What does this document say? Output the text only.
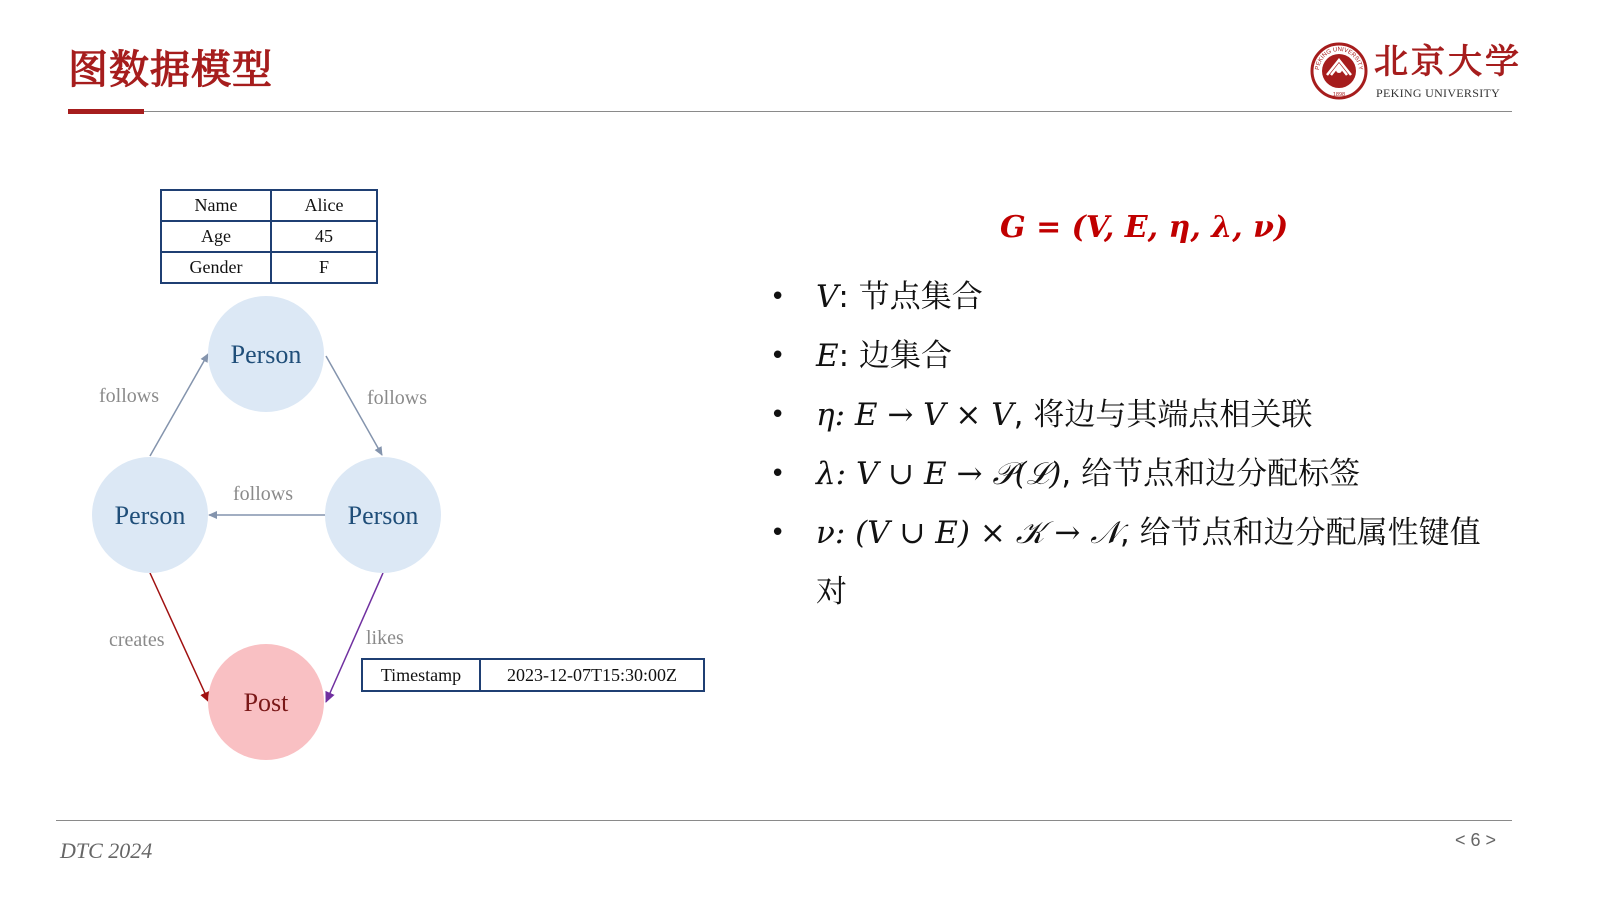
图数据模型	PEKING UNIVERSITY
1898
北京大学
PEKING UNIVERSITY
Name	Alice
Age	45
Gender	F
follows	follows
follows
creates	likes
Person
Person	Person
Post
Timestamp	2023-12-07T15:30:00Z
G = (V, E, η, λ, ν)
• V: 节点集合
• E: 边集合
• η: E → V × V, 将边与其端点相关联
• λ: V ∪ E → 𝒫(ℒ), 给节点和边分配标签
• ν: (V ∪ E) × 𝒦 → 𝒩, 给节点和边分配属性键值对
DTC 2024	< 6 >
